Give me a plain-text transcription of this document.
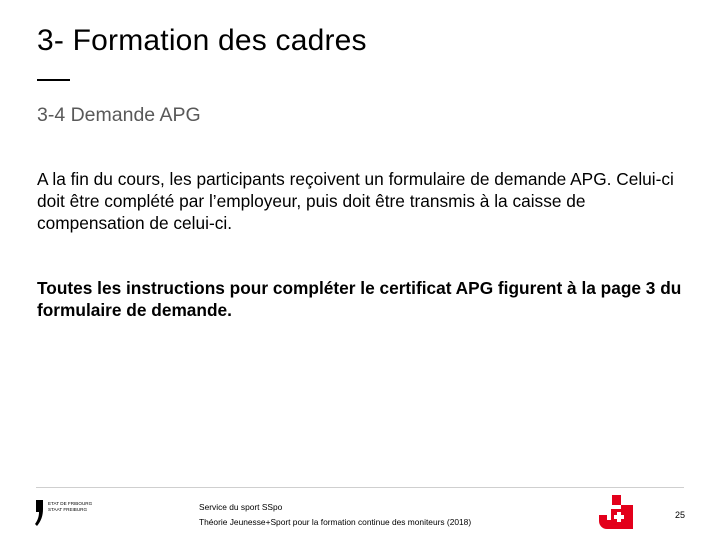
3- Formation des cadres
3-4 Demande APG

A la fin du cours, les participants reçoivent un formulaire de demande APG. Celui-ci doit être complété par l’employeur, puis doit être transmis à la caisse de compensation de celui-ci.

Toutes les instructions pour compléter le certificat APG figurent à la page 3 du formulaire de demande.

ETAT DE FRIBOURG
STAAT FREIBURG	Service du sport SSpo
Théorie Jeunesse+Sport pour la formation continue des moniteurs (2018)
25
